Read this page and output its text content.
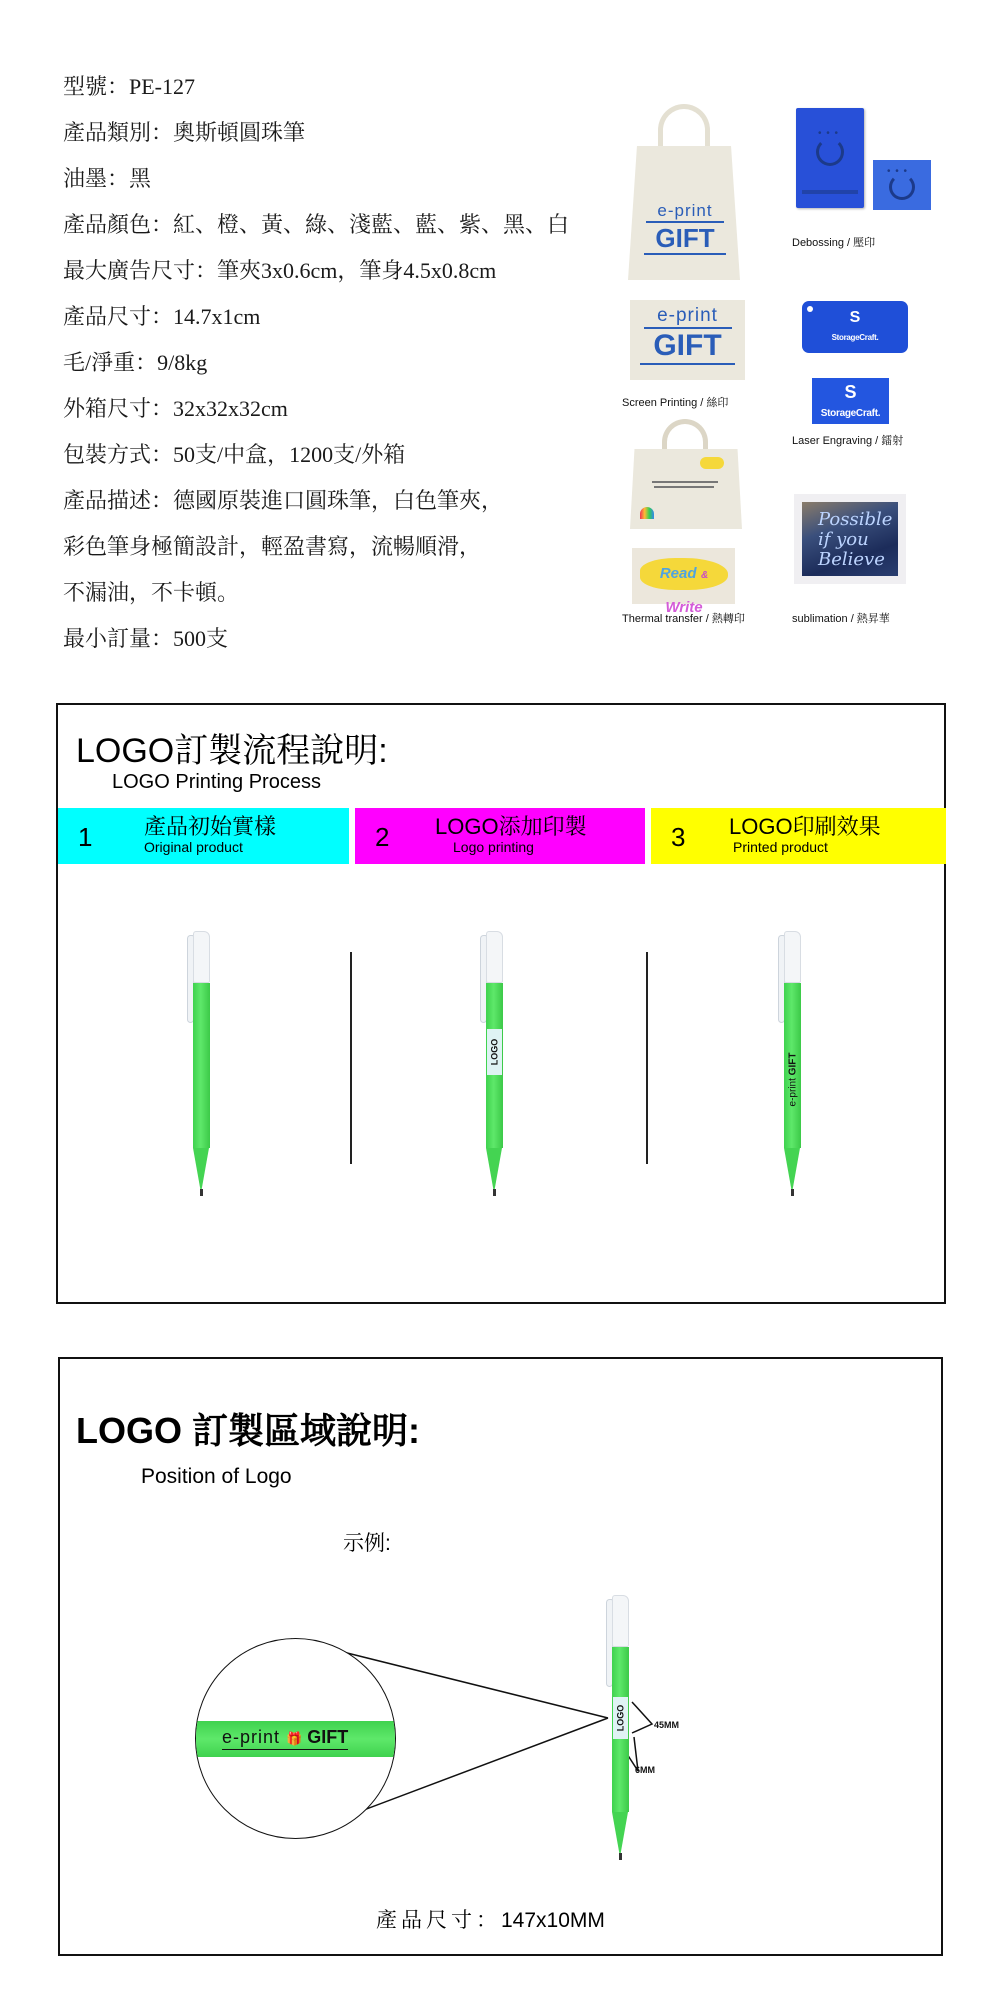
型號：PE-127
產品類別：奧斯頓圓珠筆
油墨：黑
產品顏色：紅、橙、黃、綠、淺藍、藍、紫、黑、白
最大廣告尺寸：筆夾3x0.6cm，筆身4.5x0.8cm
產品尺寸：14.7x1cm
毛/淨重：9/8kg
外箱尺寸：32x32x32cm
包裝方式：50支/中盒，1200支/外箱
產品描述：德國原裝進口圓珠筆，白色筆夾，
彩色筆身極簡設計，輕盈書寫，流暢順滑，
不漏油，不卡頓。
最小訂量：500支
e-print
GIFT
e-print
GIFT
Screen Printing / 絲印
• • •
• • •
Debossing / 壓印
S
StorageCraft.
S
StorageCraft.
Laser Engraving / 鐳射
Read & Write
Thermal transfer / 熱轉印
Possible if you Believe
sublimation / 熱昇華
LOGO訂製流程說明:
LOGO Printing Process
1 產品初始實樣
Original product	2 LOGO添加印製
Logo printing	3 LOGO印刷效果
Printed product
LOGO
e-print GIFT
LOGO 訂製區域說明:
Position of Logo
示例:
e-print 🎁 GIFT
LOGO	45MM
6MM
產品尺寸：147x10MM
